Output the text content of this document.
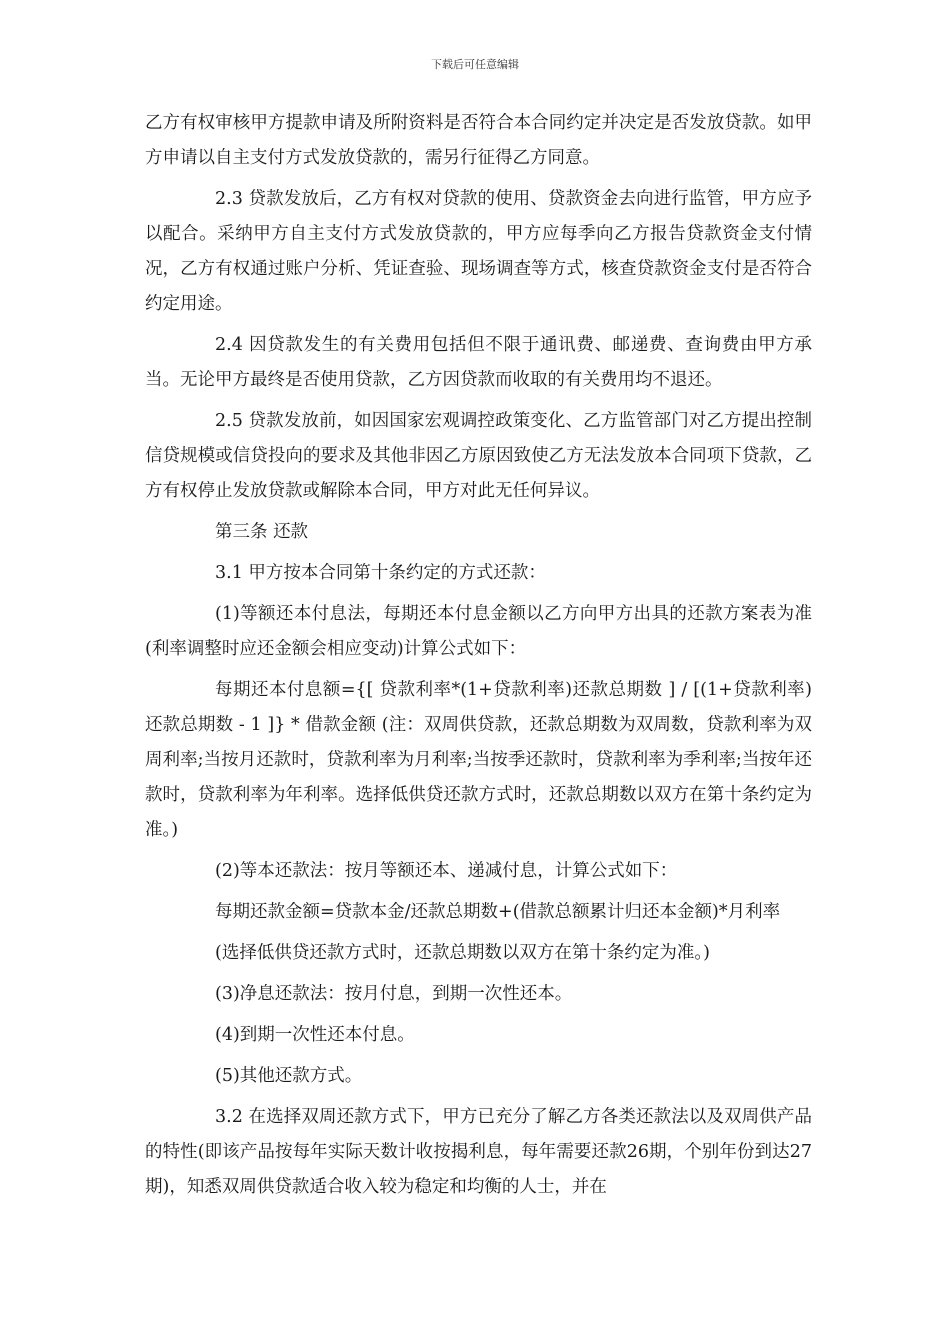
下载后可任意编辑

乙方有权审核甲方提款申请及所附资料是否符合本合同约定并决定是否发放贷款。如甲方申请以自主支付方式发放贷款的，需另行征得乙方同意。

2.3 贷款发放后，乙方有权对贷款的使用、贷款资金去向进行监管，甲方应予以配合。采纳甲方自主支付方式发放贷款的，甲方应每季向乙方报告贷款资金支付情况，乙方有权通过账户分析、凭证查验、现场调查等方式，核查贷款资金支付是否符合约定用途。

2.4 因贷款发生的有关费用包括但不限于通讯费、邮递费、查询费由甲方承当。无论甲方最终是否使用贷款，乙方因贷款而收取的有关费用均不退还。

2.5 贷款发放前，如因国家宏观调控政策变化、乙方监管部门对乙方提出控制信贷规模或信贷投向的要求及其他非因乙方原因致使乙方无法发放本合同项下贷款，乙方有权停止发放贷款或解除本合同，甲方对此无任何异议。

第三条 还款

3.1 甲方按本合同第十条约定的方式还款：

(1)等额还本付息法，每期还本付息金额以乙方向甲方出具的还款方案表为准(利率调整时应还金额会相应变动)计算公式如下：

每期还本付息额={[ 贷款利率*(1+贷款利率)还款总期数 ] / [(1+贷款利率)还款总期数 - 1 ]} * 借款金额 (注：双周供贷款，还款总期数为双周数，贷款利率为双周利率;当按月还款时，贷款利率为月利率;当按季还款时，贷款利率为季利率;当按年还款时，贷款利率为年利率。选择低供贷还款方式时，还款总期数以双方在第十条约定为准。)

(2)等本还款法：按月等额还本、递减付息，计算公式如下：

每期还款金额=贷款本金/还款总期数+(借款总额累计归还本金额)*月利率

(选择低供贷还款方式时，还款总期数以双方在第十条约定为准。)

(3)净息还款法：按月付息，到期一次性还本。

(4)到期一次性还本付息。

(5)其他还款方式。

3.2 在选择双周还款方式下，甲方已充分了解乙方各类还款法以及双周供产品的特性(即该产品按每年实际天数计收按揭利息，每年需要还款26期，个别年份到达27 期)，知悉双周供贷款适合收入较为稳定和均衡的人士，并在
